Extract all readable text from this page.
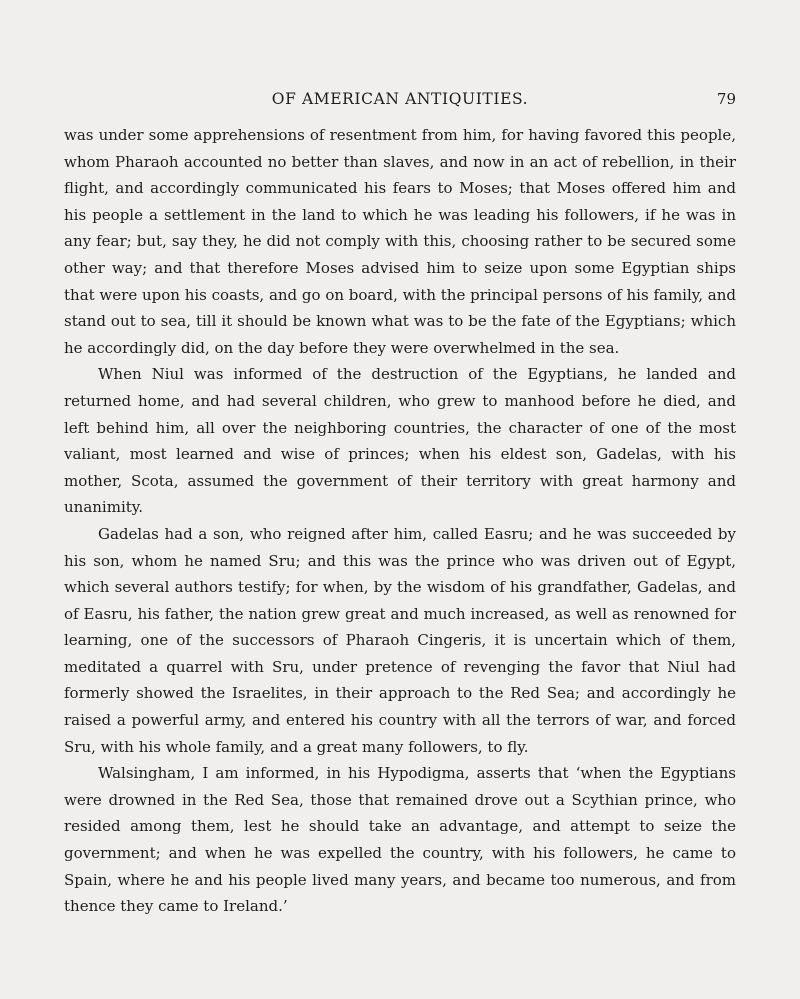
OF AMERICAN ANTIQUITIES.	79

was under some apprehensions of resentment from him, for having favored this people, whom Pharaoh accounted no better than slaves, and now in an act of rebellion, in their flight, and accordingly communicated his fears to Moses; that Moses offered him and his people a settlement in the land to which he was leading his followers, if he was in any fear; but, say they, he did not comply with this, choosing rather to be secured some other way; and that therefore Moses advised him to seize upon some Egyptian ships that were upon his coasts, and go on board, with the principal persons of his family, and stand out to sea, till it should be known what was to be the fate of the Egyptians; which he accordingly did, on the day before they were overwhelmed in the sea.

When Niul was informed of the destruction of the Egyptians, he landed and returned home, and had several children, who grew to manhood before he died, and left behind him, all over the neighboring countries, the character of one of the most valiant, most learned and wise of princes; when his eldest son, Gadelas, with his mother, Scota, assumed the government of their territory with great harmony and unanimity.

Gadelas had a son, who reigned after him, called Easru; and he was succeeded by his son, whom he named Sru; and this was the prince who was driven out of Egypt, which several authors testify; for when, by the wisdom of his grandfather, Gadelas, and of Easru, his father, the nation grew great and much increased, as well as renowned for learning, one of the successors of Pharaoh Cingeris, it is uncertain which of them, meditated a quarrel with Sru, under pretence of revenging the favor that Niul had formerly showed the Israelites, in their approach to the Red Sea; and accordingly he raised a powerful army, and entered his country with all the terrors of war, and forced Sru, with his whole family, and a great many followers, to fly.

Walsingham, I am informed, in his Hypodigma, asserts that ‘when the Egyptians were drowned in the Red Sea, those that remained drove out a Scythian prince, who resided among them, lest he should take an advantage, and attempt to seize the government; and when he was expelled the country, with his followers, he came to Spain, where he and his people lived many years, and became too numerous, and from thence they came to Ireland.’
